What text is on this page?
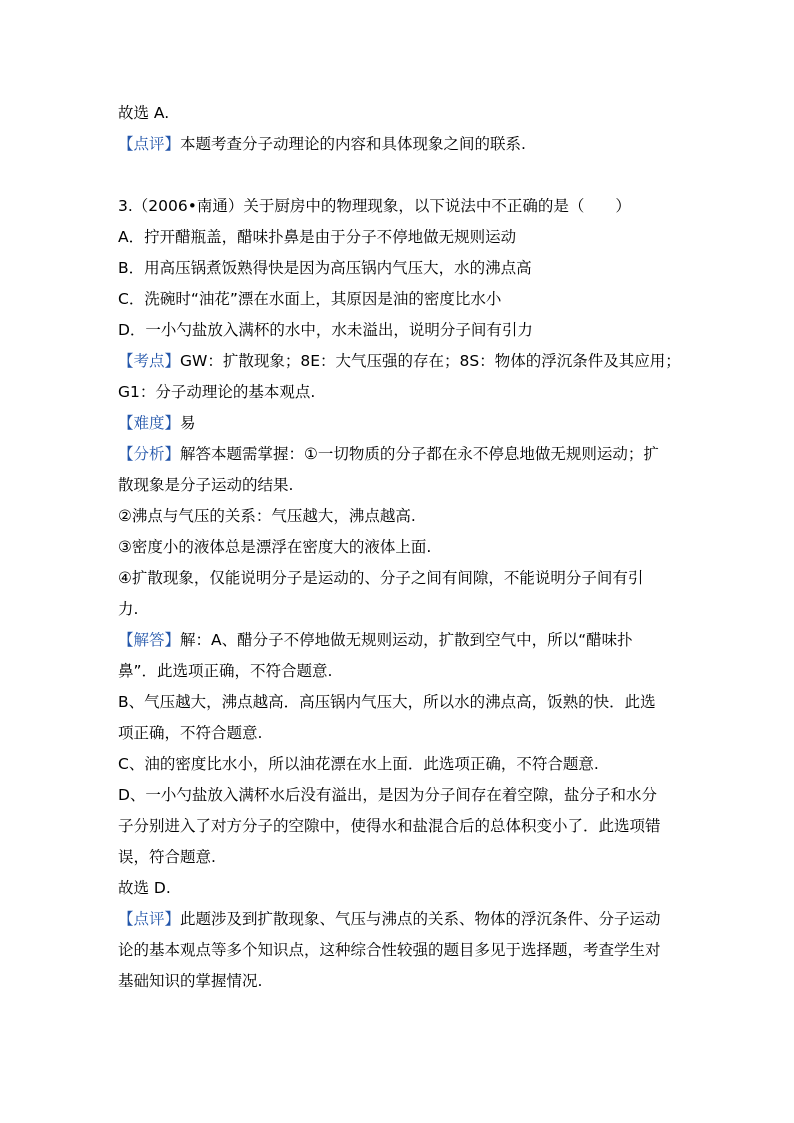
故选 A.
【点评】本题考查分子动理论的内容和具体现象之间的联系.
3.（2006•南通）关于厨房中的物理现象，以下说法中不正确的是（　　）
A．拧开醋瓶盖，醋味扑鼻是由于分子不停地做无规则运动
B．用高压锅煮饭熟得快是因为高压锅内气压大，水的沸点高
C．洗碗时“油花”漂在水面上，其原因是油的密度比水小
D．一小勺盐放入满杯的水中，水未溢出，说明分子间有引力
【考点】GW：扩散现象；8E：大气压强的存在；8S：物体的浮沉条件及其应用；
G1：分子动理论的基本观点.
【难度】易
【分析】解答本题需掌握：①一切物质的分子都在永不停息地做无规则运动；扩
散现象是分子运动的结果.
②沸点与气压的关系：气压越大，沸点越高.
③密度小的液体总是漂浮在密度大的液体上面.
④扩散现象，仅能说明分子是运动的、分子之间有间隙，不能说明分子间有引
力.
【解答】解：A、醋分子不停地做无规则运动，扩散到空气中，所以“醋味扑
鼻”．此选项正确，不符合题意.
B、气压越大，沸点越高．高压锅内气压大，所以水的沸点高，饭熟的快．此选
项正确，不符合题意.
C、油的密度比水小，所以油花漂在水上面．此选项正确，不符合题意.
D、一小勺盐放入满杯水后没有溢出，是因为分子间存在着空隙，盐分子和水分
子分别进入了对方分子的空隙中，使得水和盐混合后的总体积变小了．此选项错
误，符合题意.
故选 D.
【点评】此题涉及到扩散现象、气压与沸点的关系、物体的浮沉条件、分子运动
论的基本观点等多个知识点，这种综合性较强的题目多见于选择题，考查学生对
基础知识的掌握情况.
